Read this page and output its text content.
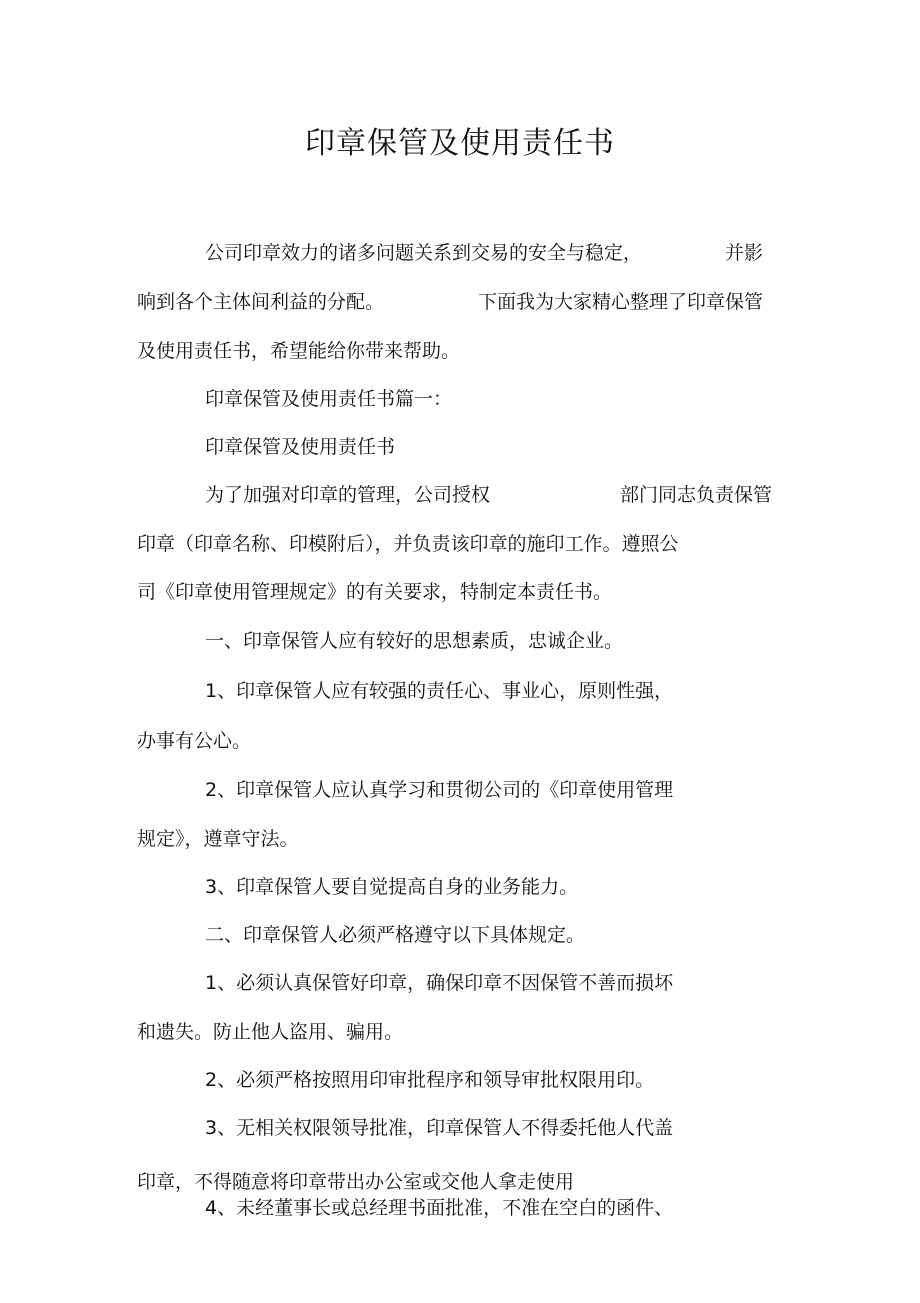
印章保管及使用责任书
公司印章效力的诸多问题关系到交易的安全与稳定，	并影
响到各个主体间利益的分配。	下面我为大家精心整理了印章保管
及使用责任书，希望能给你带来帮助。
印章保管及使用责任书篇一：
印章保管及使用责任书
为了加强对印章的管理，公司授权	部门同志负责保管
印章（印章名称、印模附后），并负责该印章的施印工作。遵照公
司《印章使用管理规定》的有关要求，特制定本责任书。
一、印章保管人应有较好的思想素质，忠诚企业。
1、印章保管人应有较强的责任心、事业心，原则性强，
办事有公心。
2、印章保管人应认真学习和贯彻公司的《印章使用管理
规定》，遵章守法。
3、印章保管人要自觉提高自身的业务能力。
二、印章保管人必须严格遵守以下具体规定。
1、必须认真保管好印章，确保印章不因保管不善而损坏
和遗失。防止他人盗用、骗用。
2、必须严格按照用印审批程序和领导审批权限用印。
3、无相关权限领导批准，印章保管人不得委托他人代盖
印章，不得随意将印章带出办公室或交他人拿走使用
4、未经董事长或总经理书面批准，不准在空白的函件、
